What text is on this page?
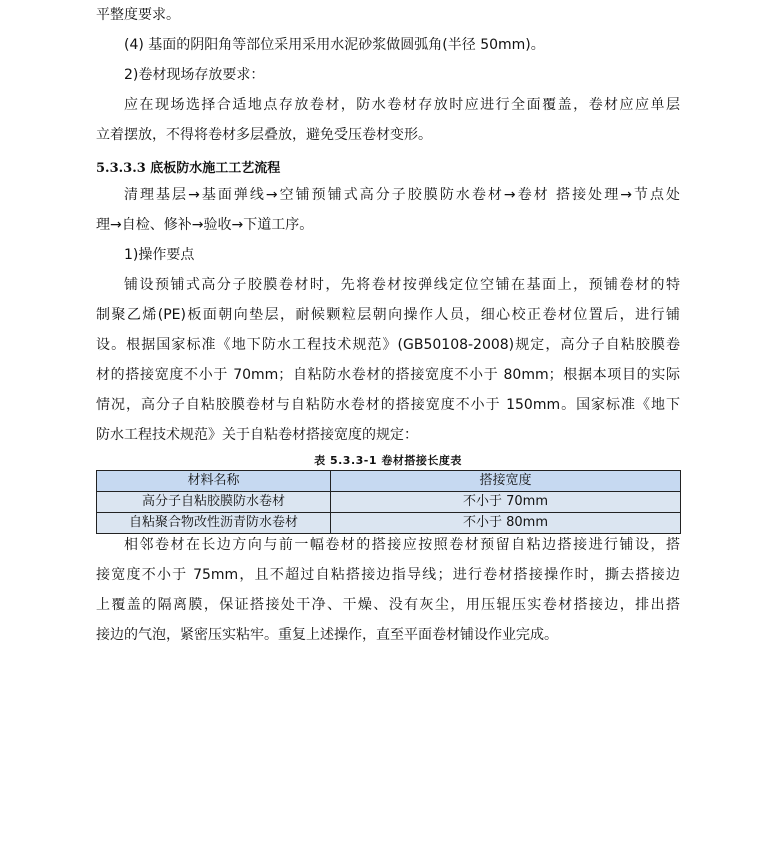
平整度要求。
(4) 基面的阴阳角等部位采用采用水泥砂浆做圆弧角(半径 50mm)。
2)卷材现场存放要求：
应在现场选择合适地点存放卷材，防水卷材存放时应进行全面覆盖，卷材应应单层
立着摆放，不得将卷材多层叠放，避免受压卷材变形。
5.3.3.3 底板防水施工工艺流程
清理基层→基面弹线→空铺预铺式高分子胶膜防水卷材→卷材 搭接处理→节点处
理→自检、修补→验收→下道工序。
1)操作要点
铺设预铺式高分子胶膜卷材时，先将卷材按弹线定位空铺在基面上，预铺卷材的特
制聚乙烯(PE)板面朝向垫层，耐候颗粒层朝向操作人员，细心校正卷材位置后，进行铺
设。根据国家标准《地下防水工程技术规范》(GB50108-2008)规定，高分子自粘胶膜卷
材的搭接宽度不小于 70mm；自粘防水卷材的搭接宽度不小于 80mm；根据本项目的实际
情况，高分子自粘胶膜卷材与自粘防水卷材的搭接宽度不小于 150mm。国家标准《地下
防水工程技术规范》关于自粘卷材搭接宽度的规定：
表 5.3.3-1 卷材搭接长度表
材料名称	搭接宽度
高分子自粘胶膜防水卷材	不小于 70mm
自粘聚合物改性沥青防水卷材	不小于 80mm
相邻卷材在长边方向与前一幅卷材的搭接应按照卷材预留自粘边搭接进行铺设，搭
接宽度不小于 75mm，且不超过自粘搭接边指导线；进行卷材搭接操作时，撕去搭接边
上覆盖的隔离膜，保证搭接处干净、干燥、没有灰尘，用压辊压实卷材搭接边，排出搭
接边的气泡，紧密压实粘牢。重复上述操作，直至平面卷材铺设作业完成。
